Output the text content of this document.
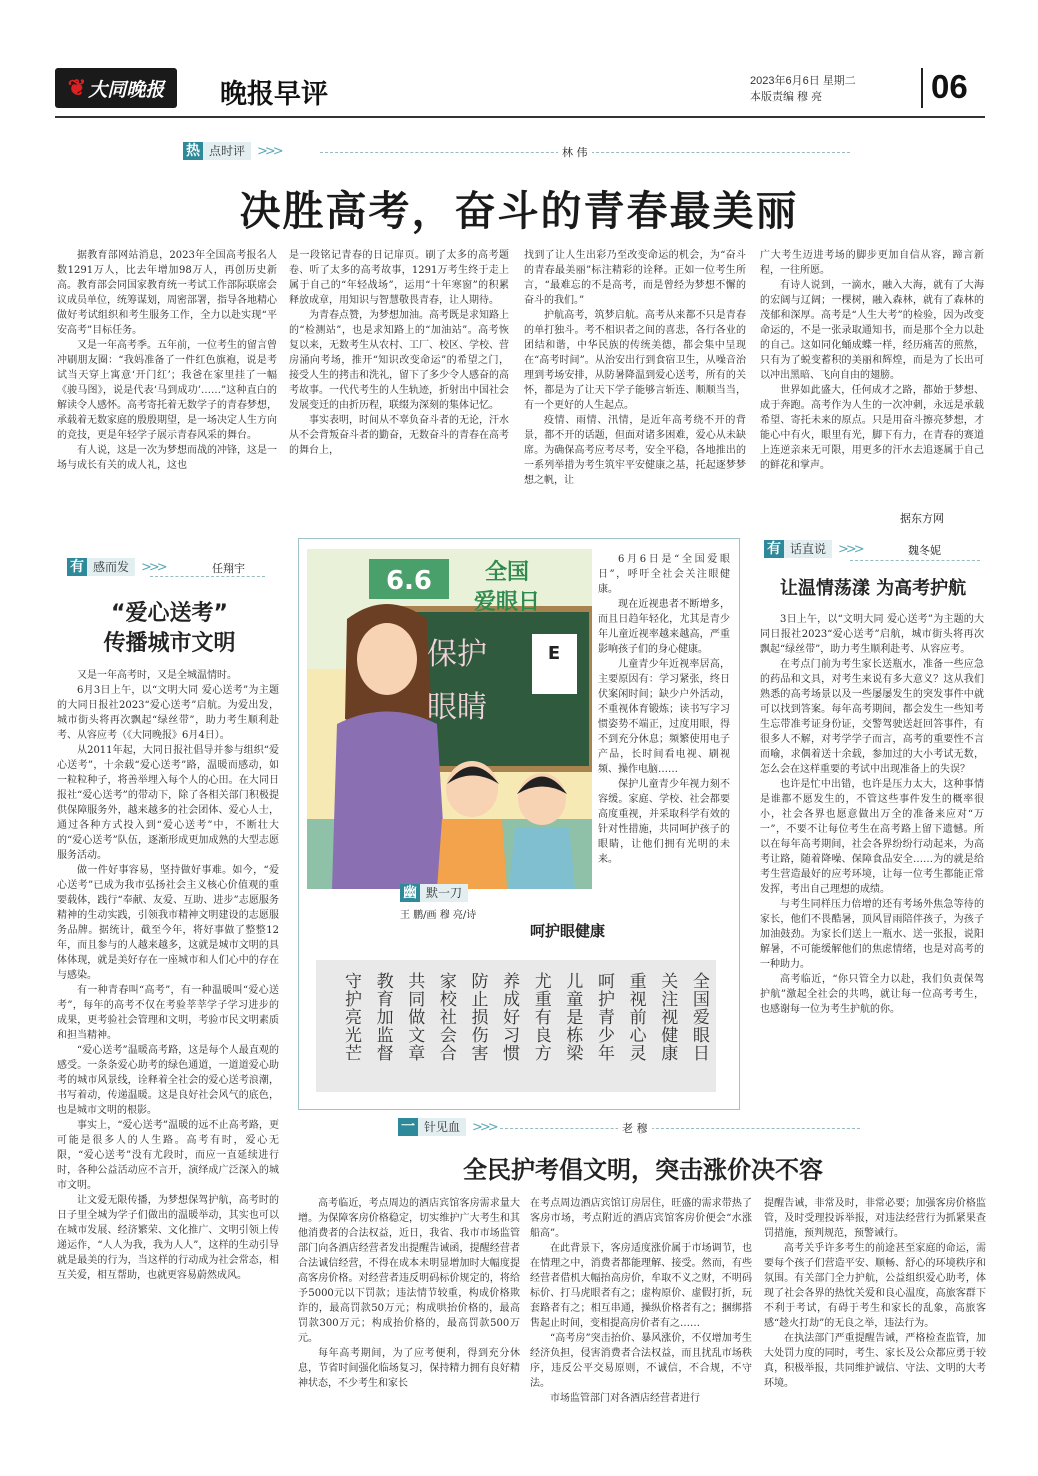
❦ 大同晚报 晚报早评	2023年6月6日 星期二
本版责编 穆 亮	06
热 点时评 >>>	林 伟
决胜高考，奋斗的青春最美丽

据教育部网站消息，2023年全国高考报名人数1291万人，比去年增加98万人，再创历史新高。教育部会同国家教育统一考试工作部际联席会议成员单位，统筹谋划，周密部署，指导各地精心做好考试组织和考生服务工作，全力以赴实现“平安高考”目标任务。

又是一年高考季。五年前，一位考生的留言曾冲刷朋友圈：“我妈准备了一件红色旗袍，说是考试当天穿上寓意‘开门红’；我爸在家里挂了一幅《骏马图》，说是代表‘马到成功’……”这种直白的解读令人感怀。高考寄托着无数学子的青春梦想，承载着无数家庭的殷殷期望，是一场决定人生方向的竞技，更是年轻学子展示青春风采的舞台。

有人说，这是一次为梦想而战的冲锋，这是一场与成长有关的成人礼，这也

是一段铭记青春的日记扉页。刷了太多的高考题卷、听了太多的高考故事，1291万考生终于走上属于自己的“年轻战场”，运用“十年寒窗”的积累释放成章，用知识与智慧敬畏青春，让人期待。

为青春点赞，为梦想加油。高考既是求知路上的“检测站”，也是求知路上的“加油站”。高考恢复以来，无数考生从农村、工厂、校区、学校、营房涌向考场，推开“知识改变命运”的希望之门，接受人生的拷击和洗礼，留下了多少令人感奋的高考故事。一代代考生的人生轨迹，折射出中国社会发展变迁的由折历程，联缀为深刻的集体记忆。

事实表明，时间从不辜负奋斗者的无论，汗水从不会背叛奋斗者的勤奋，无数奋斗的青春在高考的舞台上，

找到了让人生出彩乃至改变命运的机会，为“奋斗的青春最美丽”标注精彩的诠释。正如一位考生所言，“最难忘的不是高考，而是曾经为梦想不懈的奋斗的我们。”

护航高考，筑梦启航。高考从来都不只是青春的单打独斗。考不相识者之间的喜悲，各行各业的团结和谐，中华民族的传统美德，都会集中呈现在“高考时间”。从治安出行到食宿卫生，从噪音治理到考场安排，从防暑降温到爱心送考，所有的关怀，都是为了让天下学子能够言斩连、顺顺当当，有一个更好的人生起点。

疫情、雨情、汛情，是近年高考绕不开的背景，都不开的话题，但面对诸多困难，爱心从未缺席。为确保高考应考尽考，安全平稳，各地推出的一系列举措为考生筑牢平安健康之基，托起逐梦梦想之帆，让

广大考生迈进考场的脚步更加自信从容，蹄言新程，一往所愿。

有诗人说到，一滴水，融入大海，就有了大海的宏阔与辽阔；一棵树，融入森林，就有了森林的茂郁和深厚。高考是“人生大考”的检验，因为改变命运的，不是一张录取通知书，而是那个全力以赴的自己。这如同化蛹成蝶一样，经历痛苦的煎熬，只有为了蜕变蓄积的美丽和辉煌，而是为了长出可以冲出黑暗、飞向自由的翅膀。

世界如此盛大，任何成才之路，都始于梦想、成于奔跑。高考作为人生的一次冲刺，永远是承载希望、寄托未来的原点。只是用奋斗擦亮梦想，才能心中有火，眼里有光，脚下有力，在青春的赛道上连逆亲来无可限，用更多的汗水去追逐属于自己的鲜花和掌声。

据东方网
有 感而发 >>>	任翔宇
“爱心送考”
传播城市文明

又是一年高考时，又是全城温情时。

6月3日上午，以“文明大同 爱心送考”为主题的大同日报社2023“爱心送考”启航。为爱出发，城市街头将再次飘起“绿丝带”，助力考生顺利赴考、从容应考（《大同晚报》6月4日）。

从2011年起，大同日报社倡导并参与组织“爱心送考”，十余载“爱心送考”路，温暖而感动，如一粒粒种子，将善举埋入每个人的心田。在大同日报社“爱心送考”的带动下，除了各相关部门积极提供保障服务外，越来越多的社会团体、爱心人士，通过各种方式投入到“爱心送考”中，不断壮大的“爱心送考”队伍，逐渐形成更加成熟的大型志愿服务活动。

做一件好事容易，坚持做好事难。如今，“爱心送考”已成为我市弘扬社会主义核心价值观的重要载体，践行“奉献、友爱、互助、进步”志愿服务精神的生动实践，引领我市精神文明建设的志愿服务品牌。据统计，截至今年，将好事做了整整12年，而且参与的人越来越多，这就是城市文明的具体体现，就是美好存在一座城市和人们心中的存在与感染。

有一种青春叫“高考”，有一种温暖叫“爱心送考”，每年的高考不仅在考验莘莘学子学习进步的成果，更考验社会管理和文明，考验市民文明素质和担当精神。

“爱心送考”温暖高考路，这是每个人最直观的感受。一条条爱心助考的绿色通道，一道道爱心助考的城市风景线，诠释着全社会的爱心送考浪潮，书写着动，传递温暖。这是良好社会风气的底色，也是城市文明的根影。

事实上，“爱心送考”温暖的远不止高考路，更可能是很多人的人生路。高考有时，爱心无限，“爱心送考”没有尤段时，而应一直延续进行时，各种公益活动应不言开，演绎成广泛深入的城市文明。

让文爱无限传播，为梦想保驾护航，高考时的日子里全城为学子们做出的温暖举动，其实也可以在城市发展、经济繁荣、文化推广、文明引领上传递运作，“人人为我，我为人人”，这样的生动引导就是最美的行为，当这样的行动成为社会常态，相互关爱，相互帮助，也就更容易蔚然成风。

6.6 全国
爱眼日
保护
眼睛
E

6月6日是“全国爱眼日”，呼吁全社会关注眼健康。

现在近视患者不断增多，而且日趋年轻化，尤其是青少年儿童近视率越来越高，严重影响孩子们的身心健康。

儿童青少年近视率居高，主要原因有：学习紧张，终日伏案闲时间；缺少户外活动，不重视体育锻炼；读书写字习惯姿势不端正，过度用眼，得不到充分休息；频繁使用电子产品，长时间看电视、刷视频、操作电脑……

保护儿童青少年视力刻不容缓。家庭、学校、社会都要高度重视，并采取科学有效的针对性措施，共同呵护孩子的眼睛，让他们拥有光明的未来。

幽 默一刀
王 鹏/画 穆 亮/诗
呵护眼健康
全国爱眼日
关注视健康
重视前心灵
呵护青少年
儿童是栋梁
尤重有良方
养成好习惯
防止损伤害
家校社会合
共同做文章
教育加监督
守护亮光芒
有 话直说 >>>	魏冬妮
让温情荡漾 为高考护航

3日上午，以“文明大同 爱心送考”为主题的大同日报社2023“爱心送考”启航，城市街头将再次飘起“绿丝带”，助力考生顺利赴考、从容应考。

在考点门前为考生家长送瓶水，准备一些应急的药品和文具，对考生来说有多大意义？这从我们熟悉的高考场景以及一些屡屡发生的突发事件中就可以找到答案。每年高考期间，都会发生一些知考生忘带准考证身份证，交警驾驶送赶回答事件，有很多人不解，对考学学子而言，高考的重要性不言而喻，求偶着送十余载，参加过的大小考试无数，怎么会在这样重要的考试中出现准备上的失误？

也许是忙中出错，也许是压力太大，这种事情是谁都不愿发生的，不管这些事件发生的概率很小，社会各界也愿意做出万全的准备来应对“万一”，不要不让每位考生在高考路上留下遗憾。所以在每年高考期间，社会各界纷纷行动起来，为高考让路，随着降噪、保障食品安全……为的就是给考生营造最好的应考环境，让每一位考生都能正常发挥，考出自己理想的成绩。

与考生同样压力倍增的还有考场外焦急等待的家长，他们不畏酷暑，顶风冒雨陪伴孩子，为孩子加油鼓劲。为家长们送上一瓶水、送一张报，说阳解暑，不可能缓解他们的焦虑情绪，也是对高考的一种助力。

高考临近，“你只管全力以赴，我们负责保驾护航”激起全社会的共鸣，就让每一位高考考生，也感谢每一位为考生护航的你。

一 针见血 >>>	老 穆
全民护考倡文明，突击涨价决不容

高考临近，考点周边的酒店宾馆客房需求量大增。为保障客房价格稳定，切实维护广大考生和其他消费者的合法权益，近日，我省、我市市场监管部门向各酒店经营者发出提醒告诫函，提醒经营者合法诚信经营，不得在成本未明显增加时大幅度提高客房价格。对经营者违反明码标价规定的，将给予5000元以下罚款；违法情节较重，构成价格欺诈的，最高罚款50万元；构成哄抬价格的，最高罚款300万元；构成抬价格的，最高罚款500万元。

每年高考期间，为了应考便利，得到充分休息，节省时间强化临场复习，保持精力拥有良好精神状态，不少考生和家长

在考点周边酒店宾馆订房居住，旺盛的需求带热了客房市场，考点附近的酒店宾馆客房价便会“水涨船高”。

在此背景下，客房适度涨价属于市场调节，也在情理之中，消费者都能理解、接受。然而，有些经营者借机大幅抬高房价，牟取不义之财，不明码标价、打马虎眼者有之；虚构原价、虚假打折，玩套路者有之；相互串通，操纵价格者有之；捆绑搭售起止时间，变相提高房价者有之……

“高考房”突击抬价、暴风涨价，不仅增加考生经济负担，侵害消费者合法权益，而且扰乱市场秩序，违反公平交易原则，不诚信，不合规，不守法。

市场监管部门对各酒店经营者进行

提醒告诫，非常及时，非常必要；加强客房价格监管，及时受理投诉举报，对违法经营行为抓紧果查罚措施，预判规范，预警诫行。

高考关乎许多考生的前途甚至家庭的命运，需要每个孩子们营造平安、顺畅、舒心的环境秩序和氛围。有关部门全力护航，公益组织爱心助考，体现了社会各界的热忱关爱和良心温度，高旅客群下不利于考试，有碍于考生和家长的乱象，高旅客感“趁火打劫”的无良之举，违法行为。

在执法部门严重提醒告诫，严格检查监管，加大处罚力度的同时，考生、家长及公众都应勇于较真，积极举报，共同维护诚信、守法、文明的大考环境。
